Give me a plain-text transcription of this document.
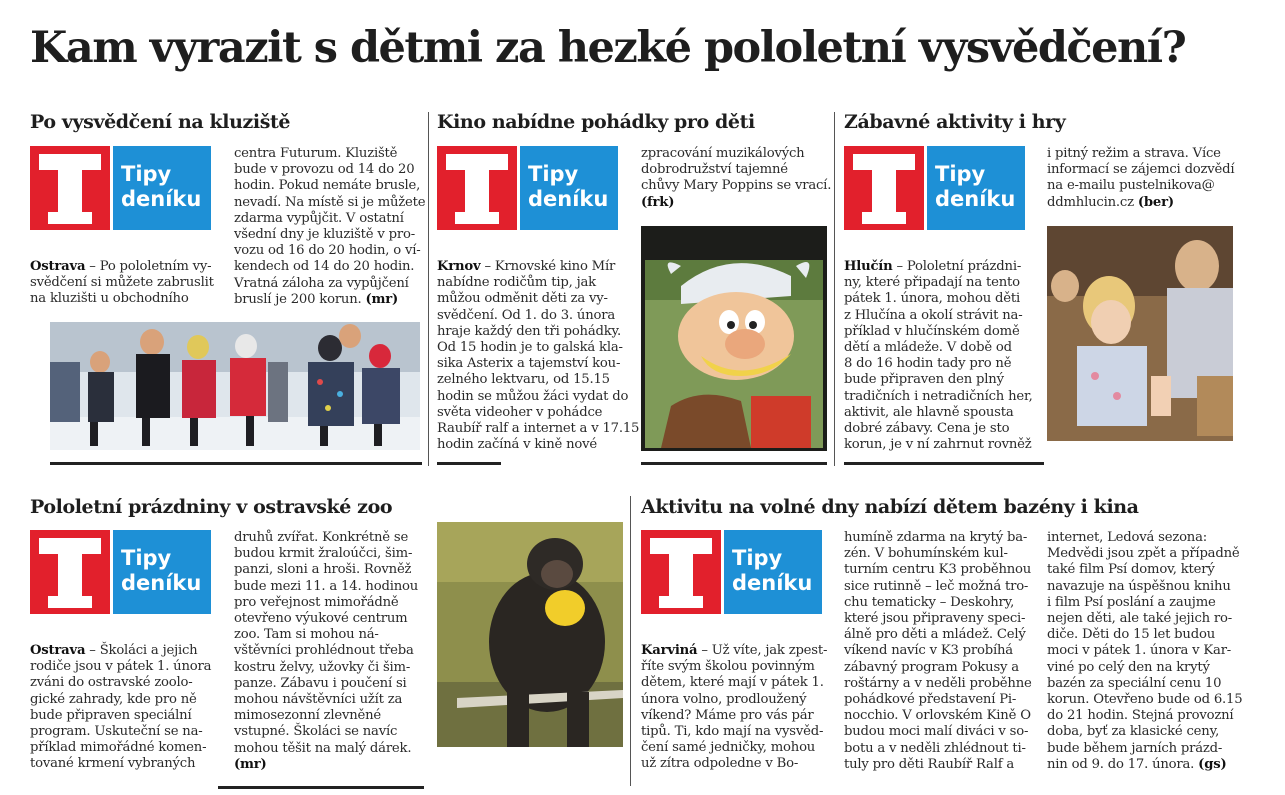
Kam vyrazit s dětmi za hezké pololetní vysvědčení?
Po vysvědčení na kluziště
Tipy
deníku
centra Futurum. Kluziště
bude v provozu od 14 do 20
hodin. Pokud nemáte brusle,
nevadí. Na místě si je můžete
zdarma vypůjčit. V ostatní
všední dny je kluziště v pro-
vozu od 16 do 20 hodin, o ví-
kendech od 14 do 20 hodin.
Vratná záloha za vypůjčení
bruslí je 200 korun. (mr)
Ostrava – Po pololetním vy-
svědčení si můžete zabruslit
na kluzišti u obchodního
Kino nabídne pohádky pro děti
Tipy
deníku
Krnov – Krnovské kino Mír
nabídne rodičům tip, jak
můžou odměnit děti za vy-
svědčení. Od 1. do 3. února
hraje každý den tři pohádky.
Od 15 hodin je to galská kla-
sika Asterix a tajemství kou-
zelného lektvaru, od 15.15
hodin se můžou žáci vydat do
světa videoher v pohádce
Raubíř ralf a internet a v 17.15
hodin začíná v kině nové
zpracování muzikálových
dobrodružství tajemné
chůvy Mary Poppins se vrací.
(frk)
Zábavné aktivity i hry
Tipy
deníku
i pitný režim a strava. Více
informací se zájemci dozvědí
na e-mailu pustelnikova@
ddmhlucin.cz (ber)
Hlučín – Pololetní prázdni-
ny, které připadají na tento
pátek 1. února, mohou děti
z Hlučína a okolí strávit na-
příklad v hlučínském domě
dětí a mládeže. V době od
8 do 16 hodin tady pro ně
bude připraven den plný
tradičních i netradičních her,
aktivit, ale hlavně spousta
dobré zábavy. Cena je sto
korun, je v ní zahrnut rovněž
Pololetní prázdniny v ostravské zoo
Tipy
deníku
Ostrava – Školáci a jejich
rodiče jsou v pátek 1. února
zváni do ostravské zoolo-
gické zahrady, kde pro ně
bude připraven speciální
program. Uskuteční se na-
příklad mimořádné komen-
tované krmení vybraných
druhů zvířat. Konkrétně se
budou krmit žraloúčci, šim-
panzi, sloni a hroši. Rovněž
bude mezi 11. a 14. hodinou
pro veřejnost mimořádně
otevřeno výukové centrum
zoo. Tam si mohou ná-
vštěvníci prohlédnout třeba
kostru želvy, užovky či šim-
panze. Zábavu i poučení si
mohou návštěvníci užít za
mimosezonní zlevněné
vstupné. Školáci se navíc
mohou těšit na malý dárek.
(mr)
Aktivitu na volné dny nabízí dětem bazény i kina
Tipy
deníku
Karviná – Už víte, jak zpest-
říte svým školou povinným
dětem, které mají v pátek 1.
února volno, prodloužený
víkend? Máme pro vás pár
tipů. Ti, kdo mají na vysvěd-
čení samé jedničky, mohou
už zítra odpoledne v Bo-
humíně zdarma na krytý ba-
zén. V bohumínském kul-
turním centru K3 proběhnou
sice rutinně – leč možná tro-
chu tematicky – Deskohry,
které jsou připraveny speci-
álně pro děti a mládež. Celý
víkend navíc v K3 probíhá
zábavný program Pokusy a
roštárny a v neděli proběhne
pohádkové představení Pi-
nocchio. V orlovském Kině O
budou moci malí diváci v so-
botu a v neděli zhlédnout ti-
tuly pro děti Raubíř Ralf a
internet, Ledová sezona:
Medvědi jsou zpět a případně
také film Psí domov, který
navazuje na úspěšnou knihu
i film Psí poslání a zaujme
nejen děti, ale také jejich ro-
diče. Děti do 15 let budou
moci v pátek 1. února v Kar-
viné po celý den na krytý
bazén za speciální cenu 10
korun. Otevřeno bude od 6.15
do 21 hodin. Stejná provozní
doba, byť za klasické ceny,
bude během jarních prázd-
nin od 9. do 17. února. (gs)
